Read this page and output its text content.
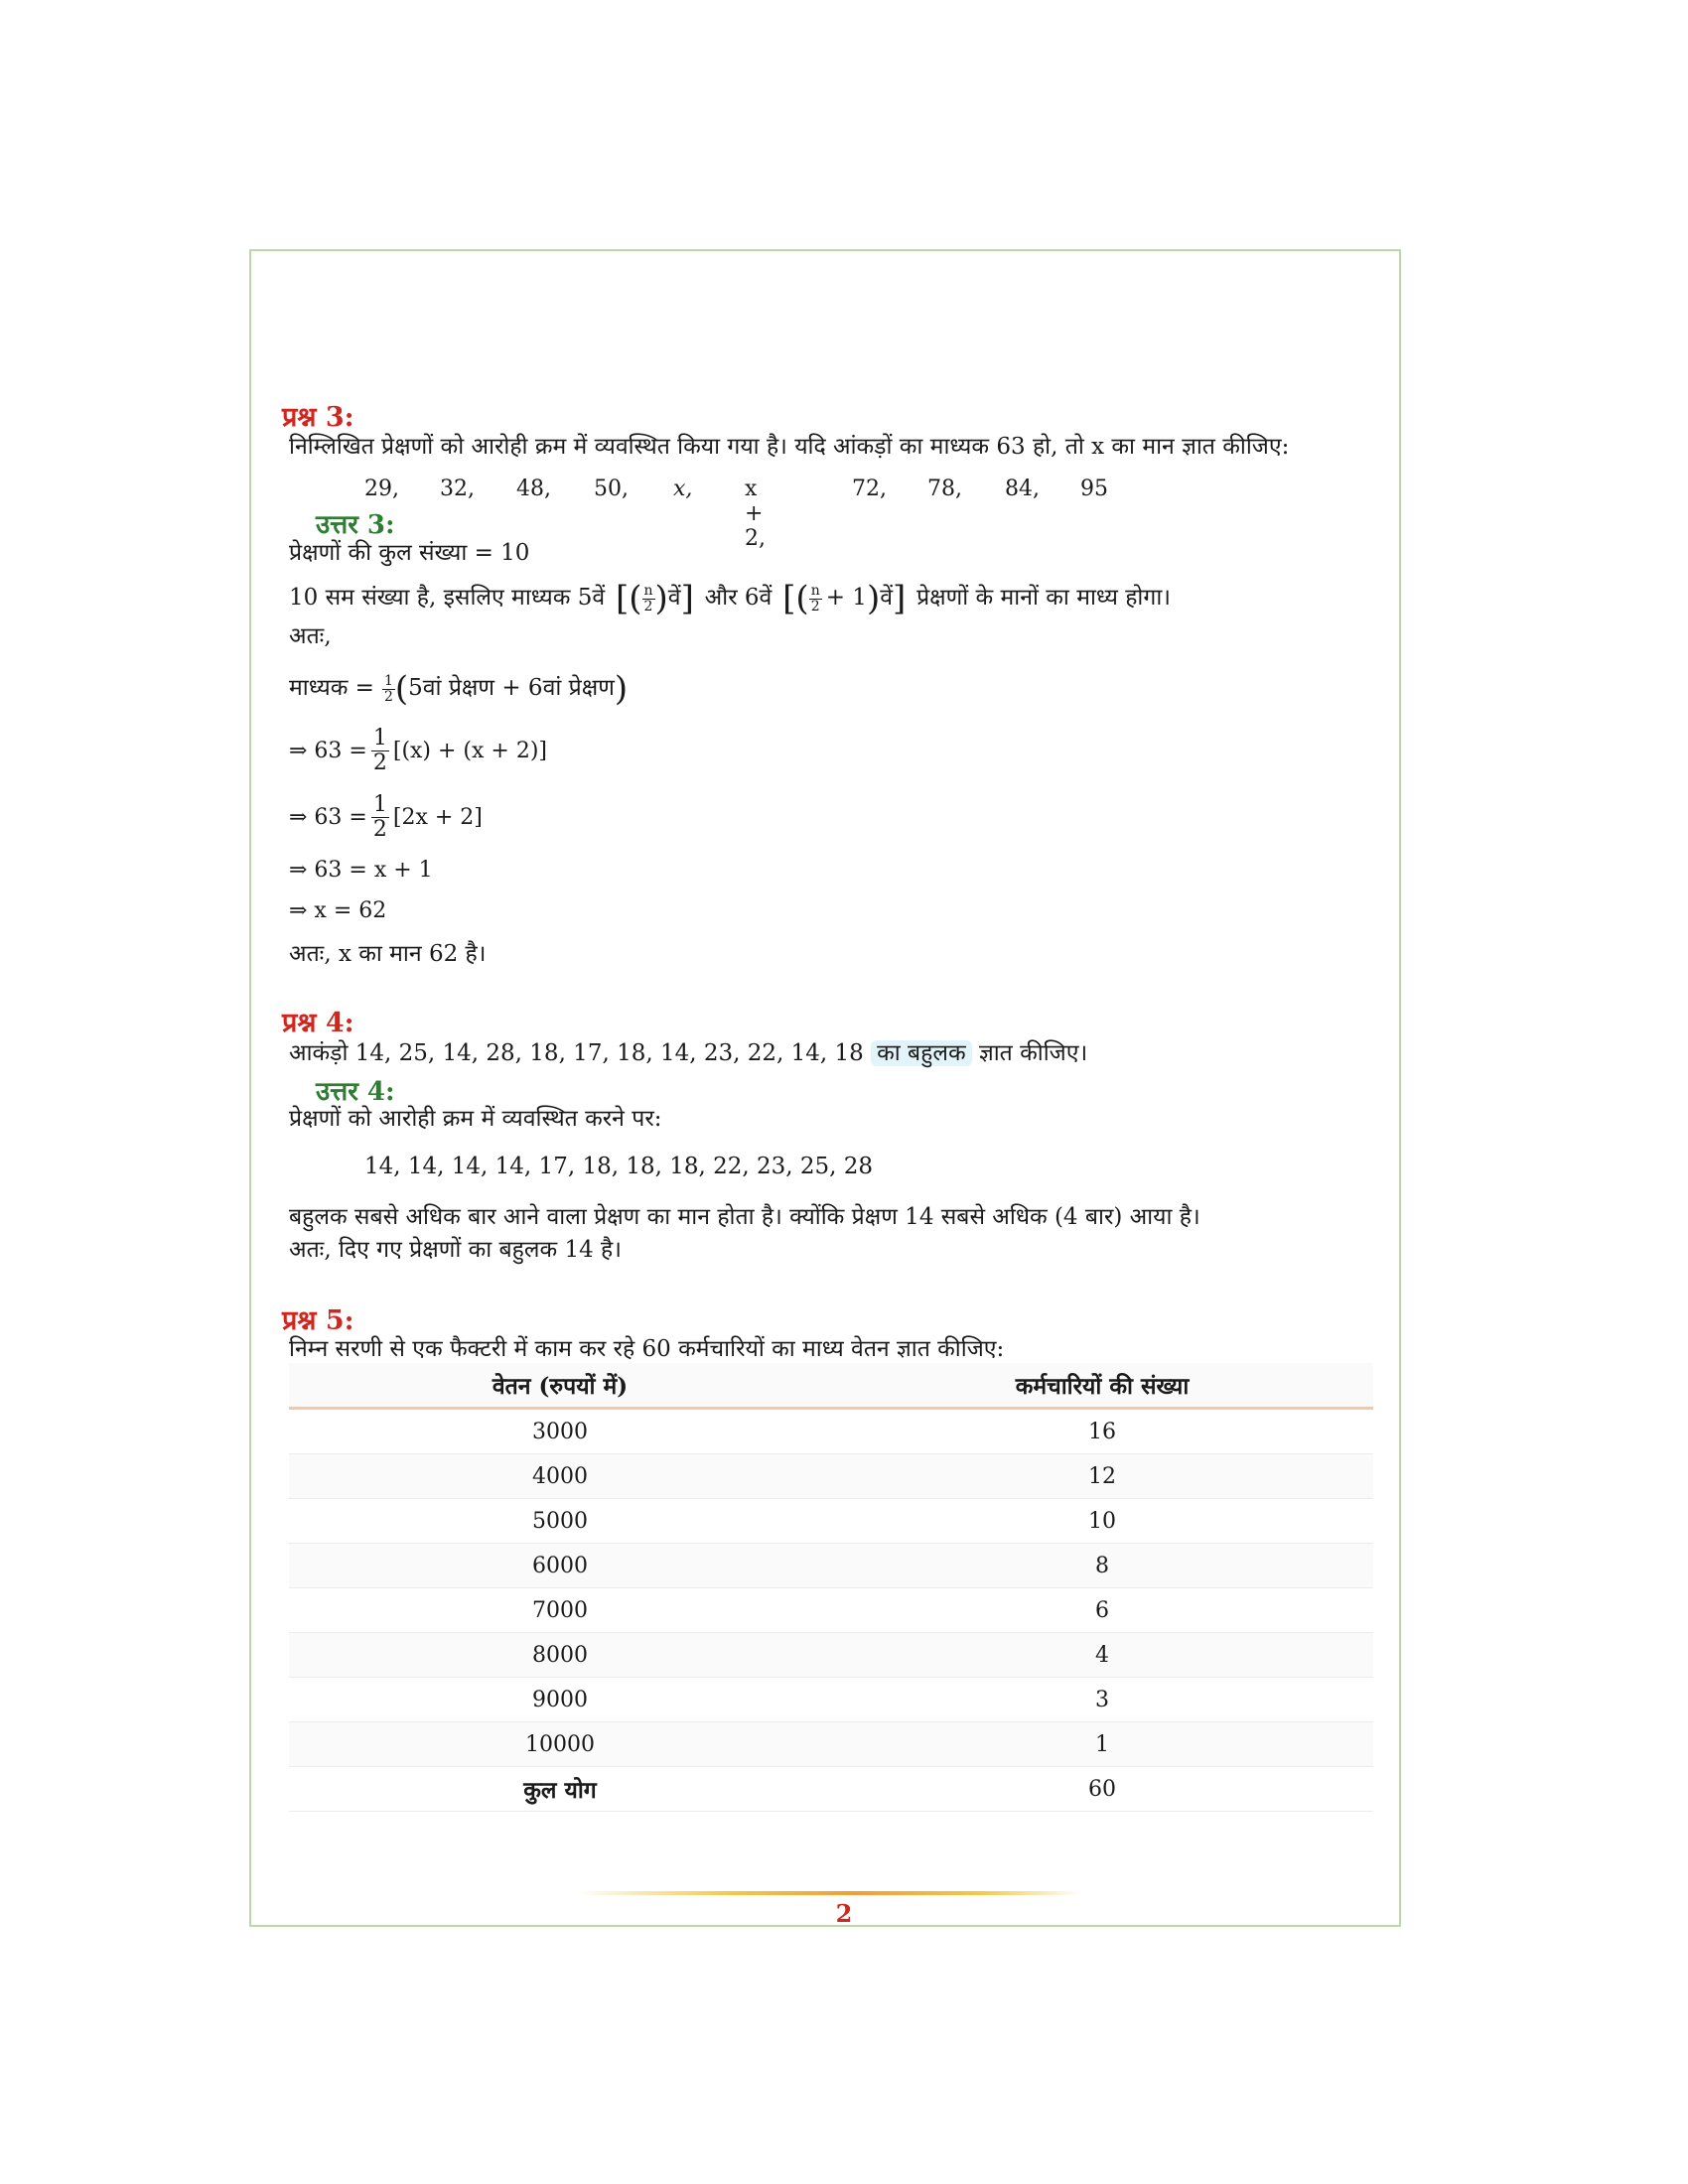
प्रश्न 3:
निम्लिखित प्रेक्षणों को आरोही क्रम में व्यवस्थित किया गया है। यदि आंकड़ों का माध्यक 63 हो, तो x का मान ज्ञात कीजिए:
29, 32, 48, 50, x, x + 2,
72, 78, 84, 95
उत्तर 3:
प्रेक्षणों की कुल संख्या = 10
10 सम संख्या है, इसलिए माध्यक 5वें [( $\frac{n}{2}$ ) वें ] और 6वें [( $\frac{n}{2} + 1$ ) वें ] प्रेक्षणों के मानों का माध्य होगा।
अतः,
माध्यक = $\frac{1}{2}$ ( 5वां प्रेक्षण + 6वां प्रेक्षण )
⇒ $63 = \frac{1}{2} [(x) + (x + 2)]$
⇒ $63 = \frac{1}{2} [2x + 2]$
⇒ 63 = x + 1
⇒ x = 62
अतः, x का मान 62 है।
प्रश्न 4:
आकंड़ो 14, 25, 14, 28, 18, 17, 18, 14, 23, 22, 14, 18 का बहुलक ज्ञात कीजिए।
उत्तर 4:
प्रेक्षणों को आरोही क्रम में व्यवस्थित करने पर:
14, 14, 14, 14, 17, 18, 18, 18, 22, 23, 25, 28
बहुलक सबसे अधिक बार आने वाला प्रेक्षण का मान होता है। क्योंकि प्रेक्षण 14 सबसे अधिक (4 बार) आया है।
अतः, दिए गए प्रेक्षणों का बहुलक 14 है।
प्रश्न 5:
निम्न सरणी से एक फैक्टरी में काम कर रहे 60 कर्मचारियों का माध्य वेतन ज्ञात कीजिए:
वेतन (रुपयों में)	कर्मचारियों की संख्या
3000	16
4000	12
5000	10
6000	8
7000	6
8000	4
9000	3
10000	1
कुल योग	60
2
